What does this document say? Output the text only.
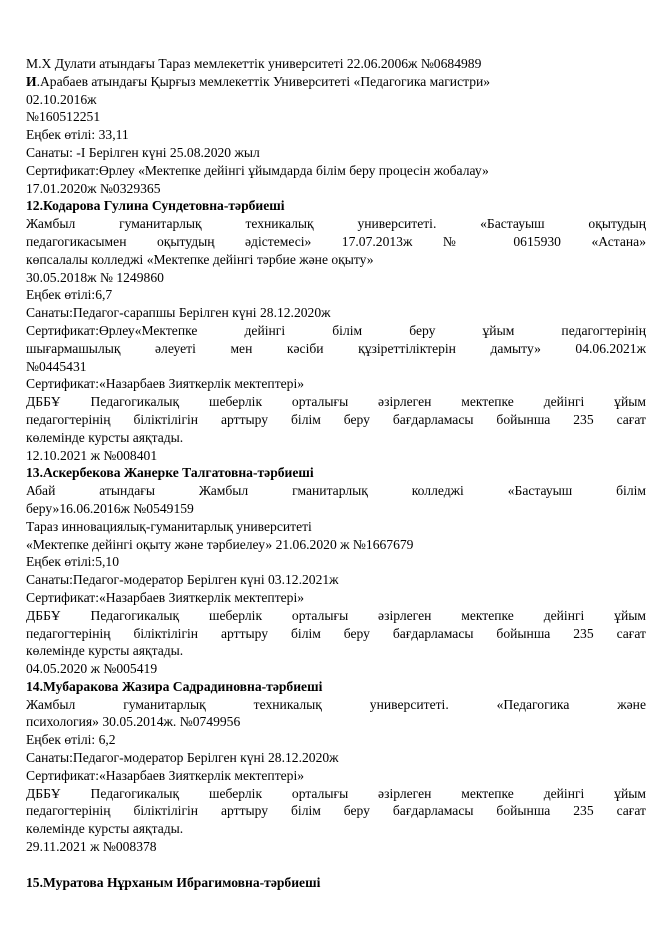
М.Х Дулати атындағы Тараз мемлекеттік университеті 22.06.2006ж №0684989
И.Арабаев атындағы Қырғыз мемлекеттік Университеті «Педагогика магистри»
02.10.2016ж
№160512251
Еңбек өтілі: 33,11
Санаты: -І Берілген күні 25.08.2020 жыл
Сертификат:Өрлеу «Мектепке дейінгі ұйымдарда білім беру процесін жобалау»
17.01.2020ж №0329365
12.Кодарова Гулина Сундетовна-тәрбиеші
Жамбыл гуманитарлық техникалық университеті. «Бастауыш оқытудың
педагогикасымен оқытудың әдістемесі» 17.07.2013ж № 0615930 «Астана»
көпсалалы колледжі «Мектепке дейінгі тәрбие және оқыту»
30.05.2018ж № 1249860
Еңбек өтілі:6,7
Санаты:Педагог-сарапшы Берілген күні 28.12.2020ж
Сертификат:Өрлеу«Мектепке дейінгі білім беру ұйым педагогтерінің
шығармашылық әлеуеті мен кәсіби құзіреттіліктерін дамыту» 04.06.2021ж
№0445431
Сертификат:«Назарбаев Зияткерлік мектептері»
ДББҰ Педагогикалық шеберлік орталығы әзірлеген мектепке дейінгі ұйым
педагогтерінің біліктілігін арттыру білім беру бағдарламасы бойынша 235 сағат
көлемінде курсты аяқтады.
12.10.2021 ж №008401
13.Аскербекова Жанерке Талгатовна-тәрбиеші
Абай атындағы Жамбыл гманитарлық колледжі «Бастауыш білім
беру»16.06.2016ж №0549159
Тараз инновациялық-гуманитарлық университеті
«Мектепке дейінгі оқыту және тәрбиелеу» 21.06.2020 ж №1667679
Еңбек өтілі:5,10
Санаты:Педагог-модератор Берілген күні 03.12.2021ж
Сертификат:«Назарбаев Зияткерлік мектептері»
ДББҰ Педагогикалық шеберлік орталығы әзірлеген мектепке дейінгі ұйым
педагогтерінің біліктілігін арттыру білім беру бағдарламасы бойынша 235 сағат
көлемінде курсты аяқтады.
04.05.2020 ж №005419
14.Мубаракова Жазира Садрадиновна-тәрбиеші
Жамбыл гуманитарлық техникалық университеті. «Педагогика және
психология» 30.05.2014ж. №0749956
Еңбек өтілі: 6,2
Санаты:Педагог-модератор Берілген күні 28.12.2020ж
Сертификат:«Назарбаев Зияткерлік мектептері»
ДББҰ Педагогикалық шеберлік орталығы әзірлеген мектепке дейінгі ұйым
педагогтерінің біліктілігін арттыру білім беру бағдарламасы бойынша 235 сағат
көлемінде курсты аяқтады.
29.11.2021 ж №008378
15.Муратова Нұрханым Ибрагимовна-тәрбиеші
